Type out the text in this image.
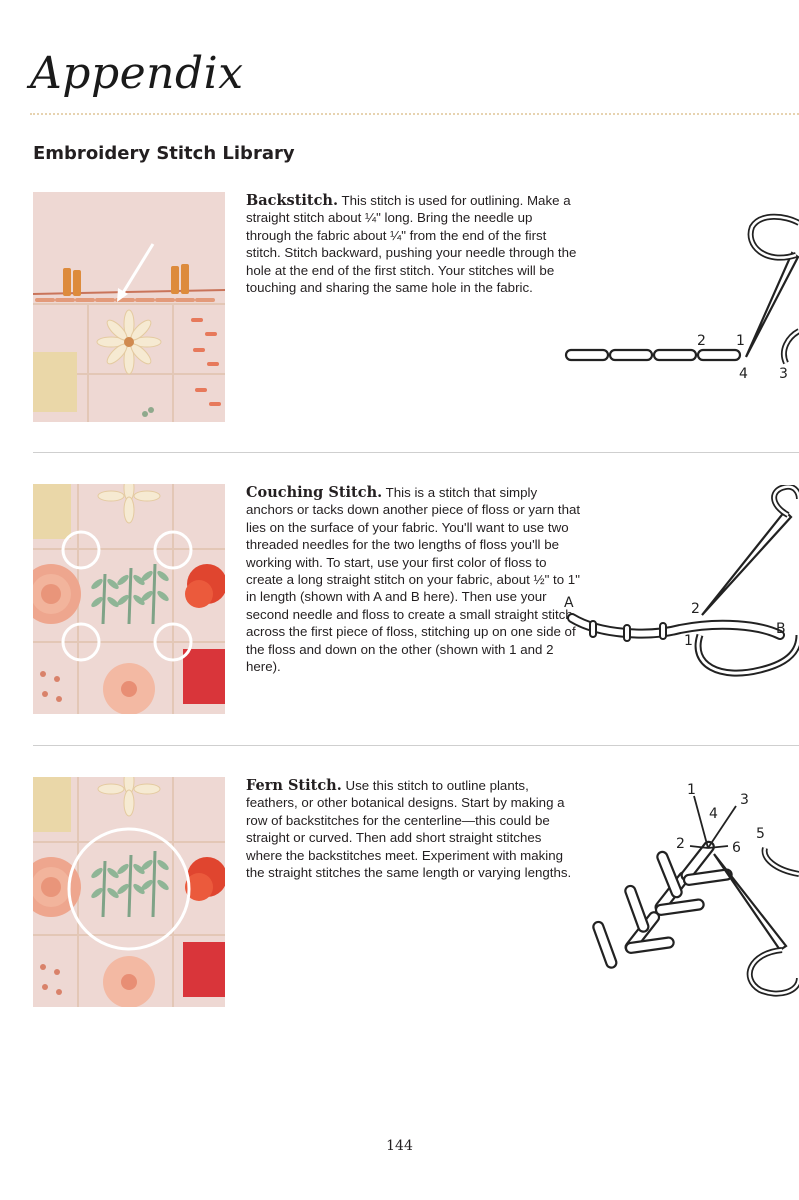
Appendix
Embroidery Stitch Library
Backstitch. This stitch is used for outlining. Make a straight stitch about ¼" long. Bring the needle up through the fabric about ¼" from the end of the first stitch. Stitch backward, pushing your needle through the hole at the end of the first stitch. Your stitches will be touching and sharing the same hole in the fabric.
2 1
4 3
Couching Stitch. This is a stitch that simply anchors or tacks down another piece of floss or yarn that lies on the surface of your fabric. You'll want to use two threaded needles for the two lengths of floss you'll be working with. To start, use your first color of floss to create a long straight stitch on your fabric, about ½" to 1" in length (shown with A and B here). Then use your second needle and floss to create a small straight stitch across the first piece of floss, stitching up on one side of the floss and down on the other (shown with 1 and 2 here).
A	2
1
B
Fern Stitch. Use this stitch to outline plants, feathers, or other botanical designs. Start by making a row of backstitches for the centerline—this could be straight or curved. Then add short straight stitches where the backstitches meet. Experiment with making the straight stitches the same length or varying lengths.
1
3
4
2	6
5
144
